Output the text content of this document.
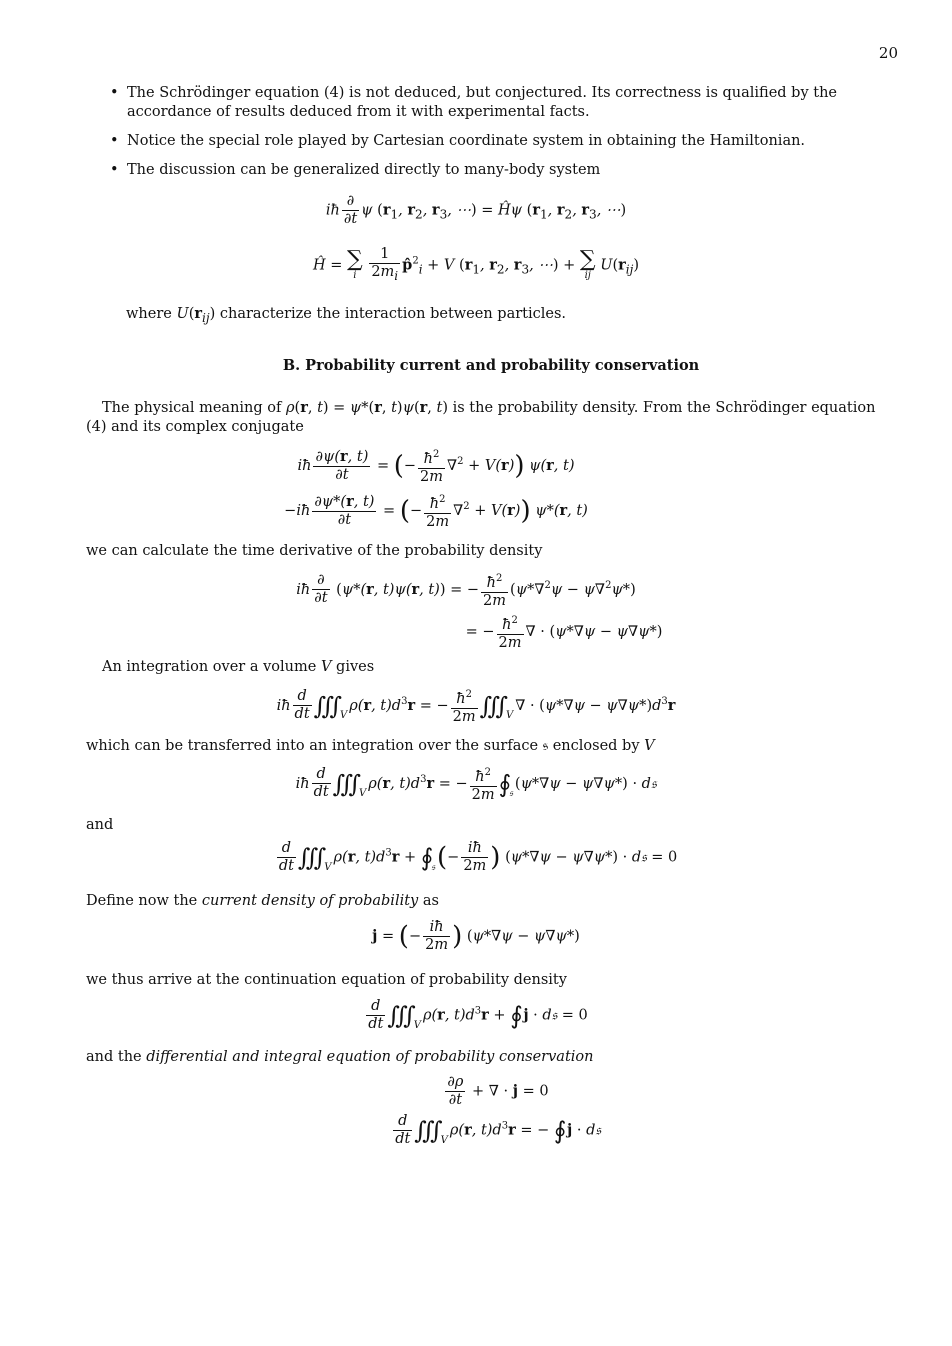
20
• The Schrödinger equation (4) is not deduced, but conjectured. Its correctness is qualified by the accordance of results deduced from it with experimental facts.
• Notice the special role played by Cartesian coordinate system in obtaining the Hamiltonian.
• The discussion can be generalized directly to many-body system
iħ $\frac{\partial}{\partial t}$ ψ ($r_1$, $r_2$, $r_3$, ⋯) = Ĥψ ($r_1$, $r_2$, $r_3$, ⋯)
Ĥ = ∑
i
$\frac{1}{2m_i}$ p̂$^2_i$ + V ($r_1$, $r_2$, $r_3$, ⋯) + ∑
ij
$U(r_{ij})$
where $U(r_{ij})$ characterize the interaction between particles.
B. Probability current and probability conservation
The physical meaning of ρ(r, t) = ψ*(r, t)ψ(r, t) is the probability density. From the Schrödinger equation (4) and its complex conjugate
iħ $\frac{\partial\psi(r, t)}{\partial t}$ = (− $\frac{ħ^2}{2m} \nabla^2 + V(r)$) ψ(r, t)
−iħ $\frac{\partial\psi*(r, t)}{\partial t}$ = (− $\frac{ħ^2}{2m} \nabla^2 + V(r)$) ψ*(r, t)
we can calculate the time derivative of the probability density
iħ $\frac{\partial}{\partial t} (\psi*(r$, t)ψ(r, t)) = − $\frac{ħ^2}{2m} (\psi*\nabla^2\psi - \psi\nabla^2\psi*)$
= − $\frac{ħ^2}{2m}$ ∇ · (ψ*∇ψ − ψ∇ψ*)
An integration over a volume V gives
iħ $\frac{d}{dt}$ ∭ $_V$ρ(r, $t)d^3r$ = − $\frac{ħ^2}{2m}$ ∭ $_V\nabla \cdot (\psi*\nabla\psi - \psi\nabla\psi*)d^3r$
which can be transferred into an integration over the surface 𝔰 enclosed by V
iħ $\frac{d}{dt}$ ∭ $_V$ρ(r, $t)d^3r$ = − $\frac{ħ^2}{2m}$ ∮ $_𝔰$(ψ*∇ψ − ψ∇ψ*) · d𝔰
and
$\frac{d}{dt}$ ∭ $_V$ρ(r, $t)d^3r$ + ∮ $_𝔰(- \frac{iħ}{2m}$ ) (ψ*∇ψ − ψ∇ψ*) · d𝔰 = 0
Define now the current density of probability as
j = (− $\frac{iħ}{2m}$ ) (ψ*∇ψ − ψ∇ψ*)
we thus arrive at the continuation equation of probability density
$\frac{d}{dt}$ ∭ $_V$ρ(r, $t)d^3r$ + ∮ j · d𝔰 = 0
and the differential and integral equation of probability conservation
$\frac{\partial\rho}{\partial t}$ + ∇ · j = 0
$\frac{d}{dt}$ ∭ $_V$ρ(r, $t)d^3r$ = − ∮ j · d𝔰
